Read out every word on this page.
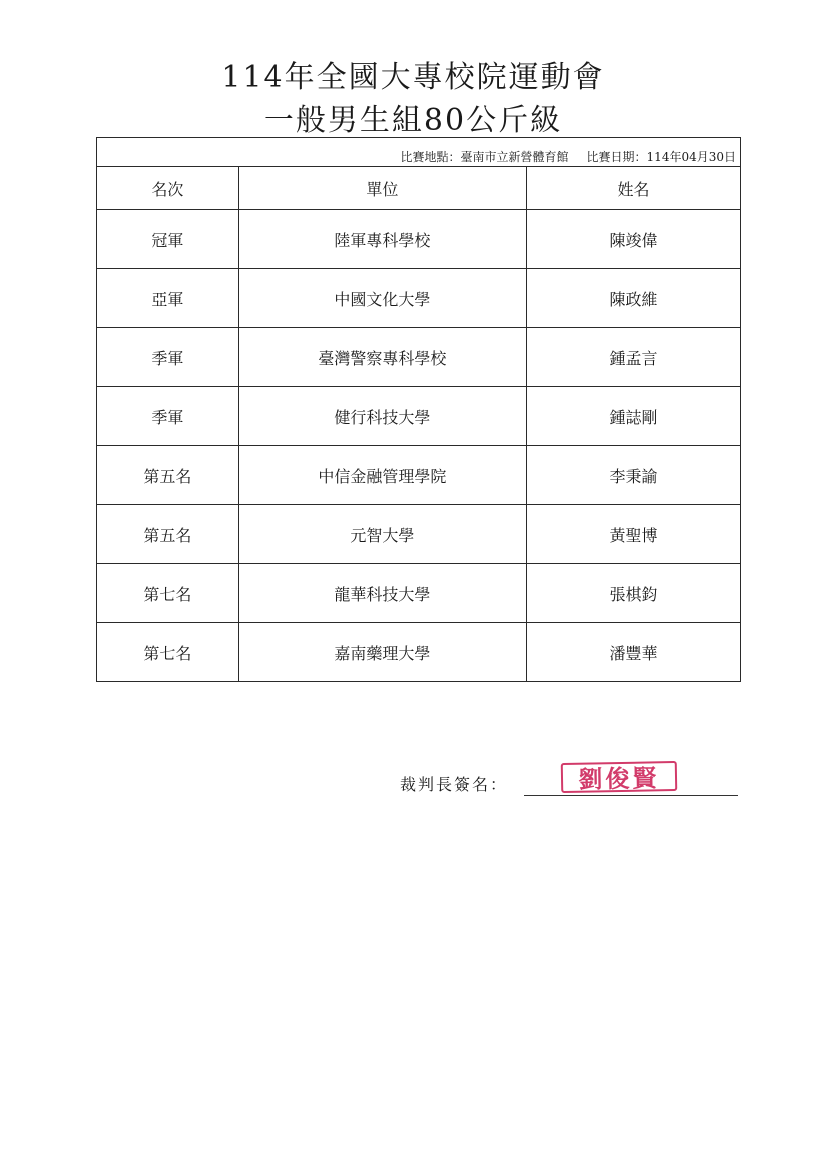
114年全國大專校院運動會
一般男生組80公斤級

比賽地點：臺南市立新營體育館 比賽日期：114年04月30日		
名次	單位	姓名
冠軍	陸軍專科學校	陳竣偉
亞軍	中國文化大學	陳政維
季軍	臺灣警察專科學校	鍾孟言
季軍	健行科技大學	鍾誌剛
第五名	中信金融管理學院	李秉諭
第五名	元智大學	黃聖博
第七名	龍華科技大學	張棋鈞
第七名	嘉南藥理大學	潘豐華
裁判長簽名：	劉俊賢
